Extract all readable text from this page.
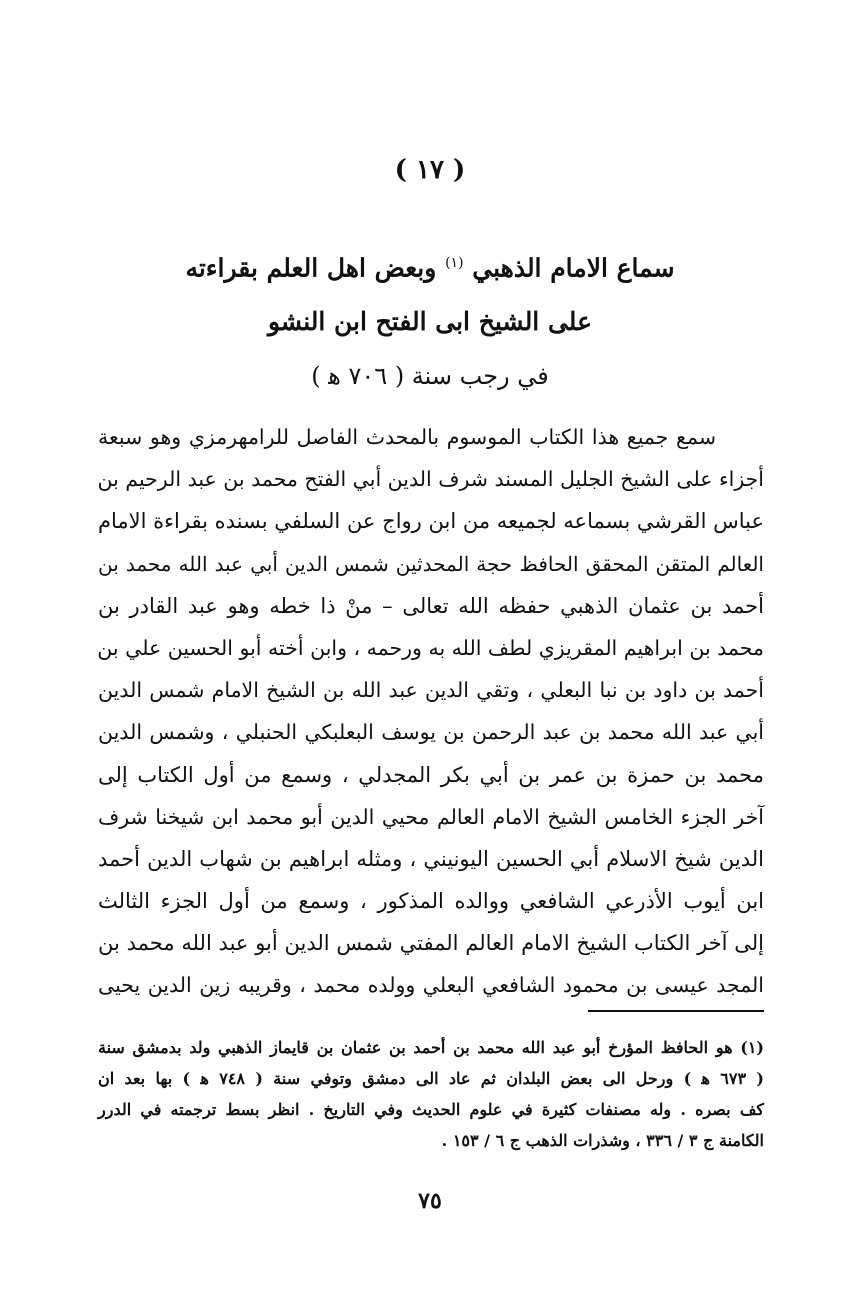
( ١٧ )
سماع الامام الذهبي $^{(١)}$ وبعض اهل العلم بقراءته
على الشيخ ابى الفتح ابن النشو
في رجب سنة ( ٧٠٦ ﻫ )
سمع جميع هذا الكتاب الموسوم بالمحدث الفاصل للرامهرمزي وهو سبعة
أجزاء على الشيخ الجليل المسند شرف الدين أبي الفتح محمد بن عبد الرحيم بن
عباس القرشي بسماعه لجميعه من ابن رواج عن السلفي بسنده بقراءة الامام
العالم المتقن المحقق الحافظ حجة المحدثين شمس الدين أبي عبد الله محمد بن
أحمد بن عثمان الذهبي حفظه الله تعالى – منْ ذا خطه وهو عبد القادر بن
محمد بن ابراهيم المقريزي لطف الله به ورحمه ، وابن أخته أبو الحسين علي بن
أحمد بن داود بن نبا البعلي ، وتقي الدين عبد الله بن الشيخ الامام شمس الدين
أبي عبد الله محمد بن عبد الرحمن بن يوسف البعلبكي الحنبلي ، وشمس الدين
محمد بن حمزة بن عمر بن أبي بكر المجدلي ، وسمع من أول الكتاب إلى
آخر الجزء الخامس الشيخ الامام العالم محيي الدين أبو محمد ابن شيخنا شرف
الدين شيخ الاسلام أبي الحسين اليونيني ، ومثله ابراهيم بن شهاب الدين أحمد
ابن أيوب الأذرعي الشافعي ووالده المذكور ، وسمع من أول الجزء الثالث
إلى آخر الكتاب الشيخ الامام العالم المفتي شمس الدين أبو عبد الله محمد بن
المجد عيسى بن محمود الشافعي البعلي وولده محمد ، وقريبه زين الدين يحيى
(١) هو الحافظ المؤرخ أبو عبد الله محمد بن أحمد بن عثمان بن قايماز الذهبي ولد بدمشق سنة
( ٦٧٣ ﻫ ) ورحل الى بعض البلدان ثم عاد الى دمشق وتوفي سنة ( ٧٤٨ ﻫ ) بها بعد ان
كف بصره . وله مصنفات كثيرة في علوم الحديث وفي التاريخ . انظر بسط ترجمته في الدرر
الكامنة ج ٣ / ٣٣٦ ، وشذرات الذهب ج ٦ / ١٥٣ .
٧٥
